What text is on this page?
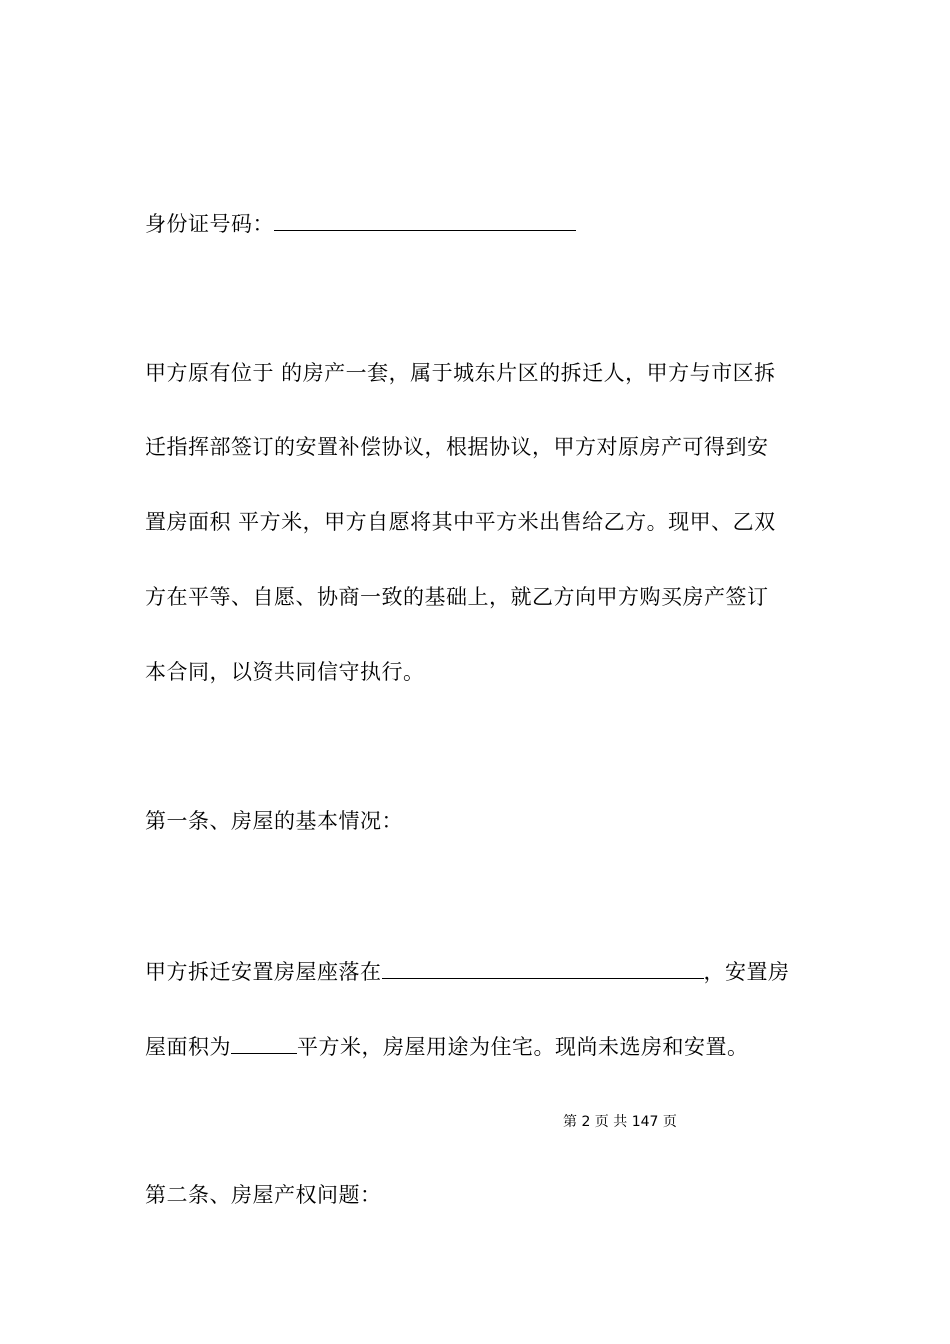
身份证号码：
甲方原有位于 的房产一套，属于城东片区的拆迁人，甲方与市区拆
迁指挥部签订的安置补偿协议，根据协议，甲方对原房产可得到安
置房面积 平方米，甲方自愿将其中平方米出售给乙方。现甲、乙双
方在平等、自愿、协商一致的基础上，就乙方向甲方购买房产签订
本合同，以资共同信守执行。
第一条、房屋的基本情况：
甲方拆迁安置房屋座落在	，安置房
屋面积为	平方米，房屋用途为住宅。现尚未选房和安置。
第 2 页 共 147 页
第二条、房屋产权问题：
